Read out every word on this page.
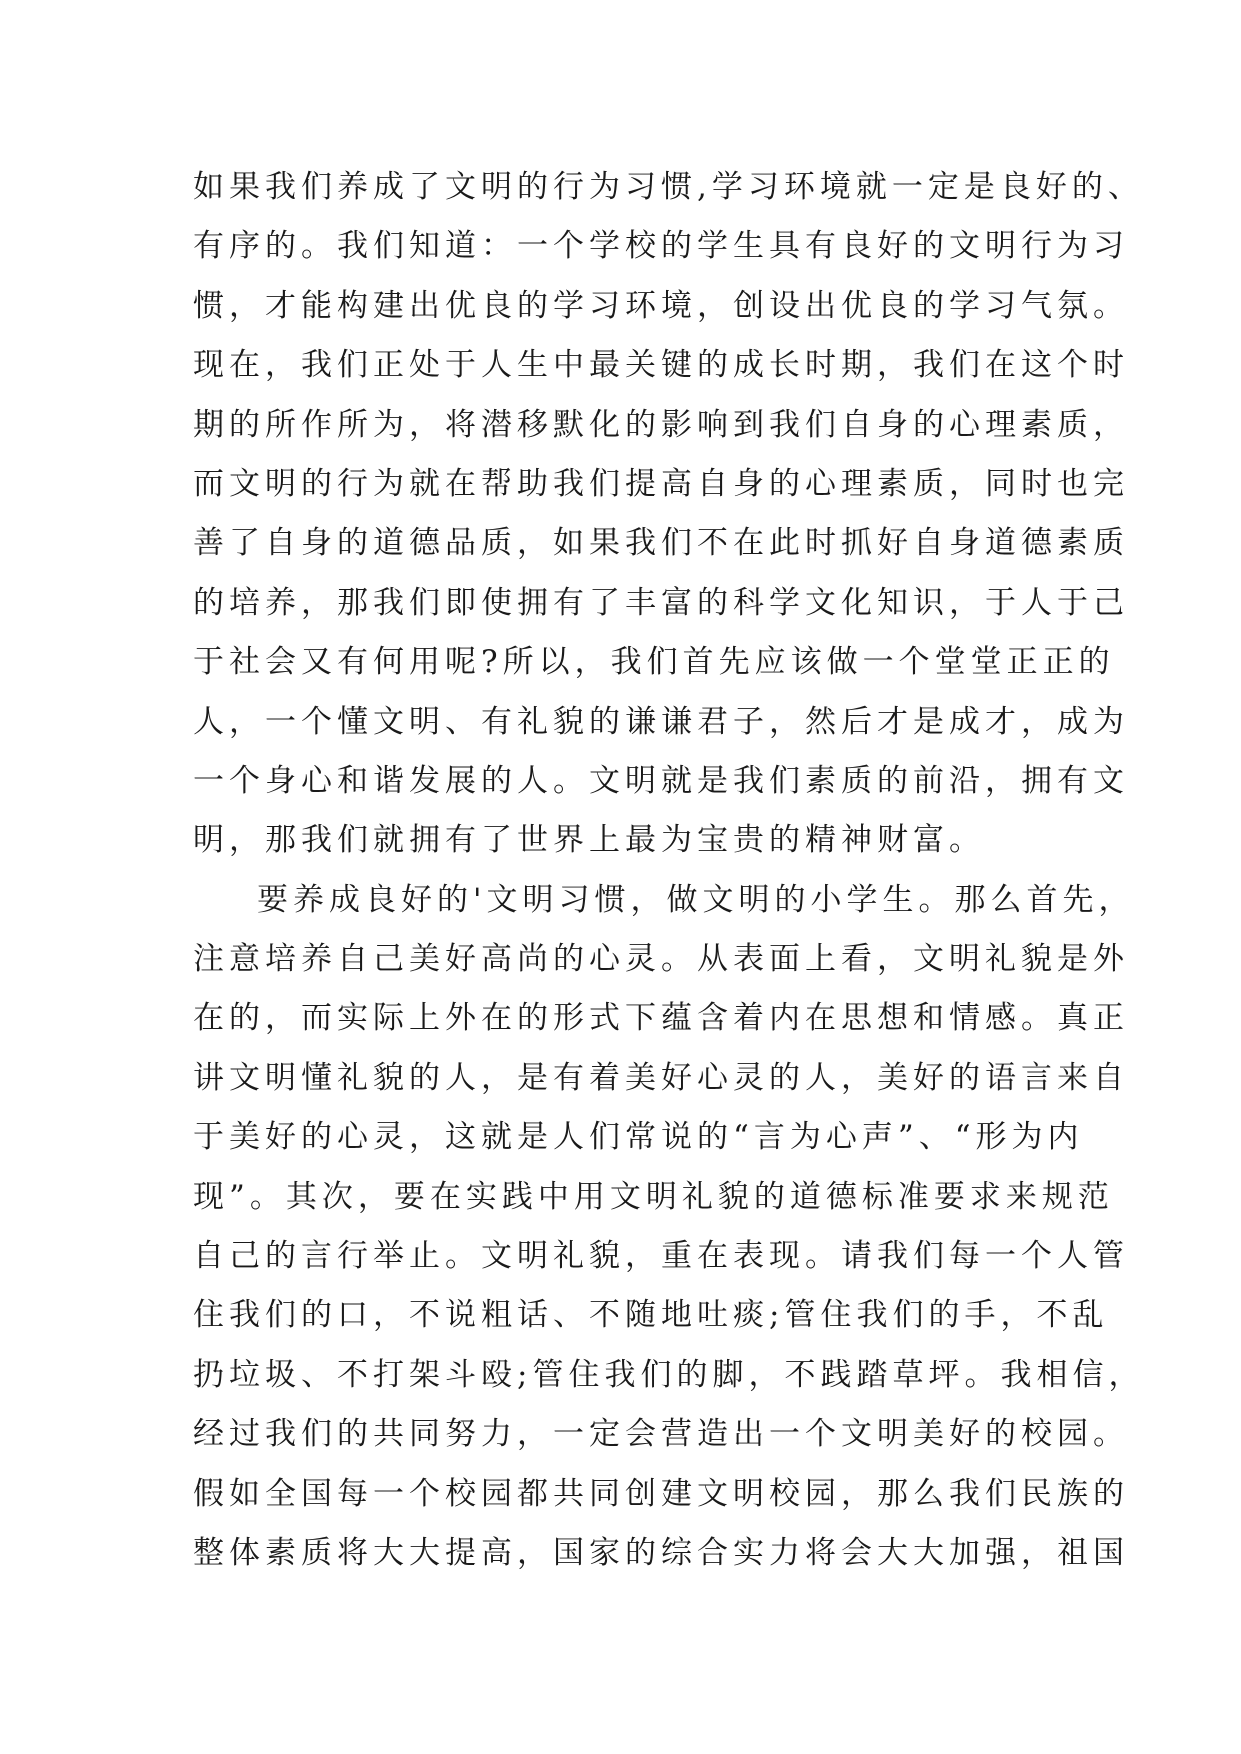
如果我们养成了文明的行为习惯,学习环境就一定是良好的、
有序的。我们知道：一个学校的学生具有良好的文明行为习
惯，才能构建出优良的学习环境，创设出优良的学习气氛。
现在，我们正处于人生中最关键的成长时期，我们在这个时
期的所作所为，将潜移默化的影响到我们自身的心理素质，
而文明的行为就在帮助我们提高自身的心理素质，同时也完
善了自身的道德品质，如果我们不在此时抓好自身道德素质
的培养，那我们即使拥有了丰富的科学文化知识，于人于己
于社会又有何用呢?所以，我们首先应该做一个堂堂正正的
人，一个懂文明、有礼貌的谦谦君子，然后才是成才，成为
一个身心和谐发展的人。文明就是我们素质的前沿，拥有文
明，那我们就拥有了世界上最为宝贵的精神财富。
要养成良好的'文明习惯，做文明的小学生。那么首先，
注意培养自己美好高尚的心灵。从表面上看，文明礼貌是外
在的，而实际上外在的形式下蕴含着内在思想和情感。真正
讲文明懂礼貌的人，是有着美好心灵的人，美好的语言来自
于美好的心灵，这就是人们常说的“言为心声”、“形为内
现”。其次，要在实践中用文明礼貌的道德标准要求来规范
自己的言行举止。文明礼貌，重在表现。请我们每一个人管
住我们的口，不说粗话、不随地吐痰;管住我们的手，不乱
扔垃圾、不打架斗殴;管住我们的脚，不践踏草坪。我相信，
经过我们的共同努力，一定会营造出一个文明美好的校园。
假如全国每一个校园都共同创建文明校园，那么我们民族的
整体素质将大大提高，国家的综合实力将会大大加强，祖国
